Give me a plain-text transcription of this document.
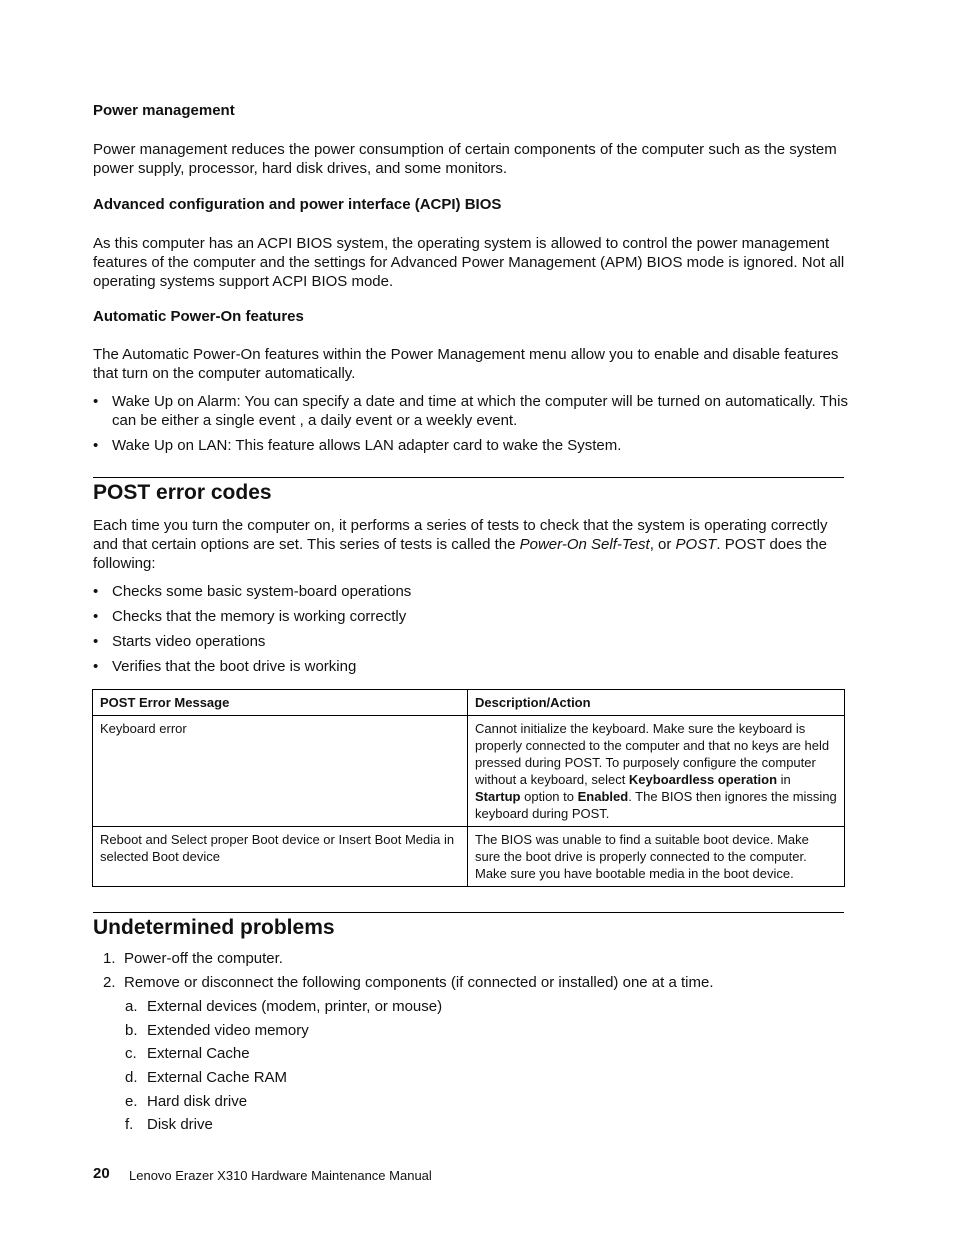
Power management

Power management reduces the power consumption of certain components of the computer such as the system power supply, processor, hard disk drives, and some monitors.

Advanced configuration and power interface (ACPI) BIOS

As this computer has an ACPI BIOS system, the operating system is allowed to control the power management features of the computer and the settings for Advanced Power Management (APM) BIOS mode is ignored. Not all operating systems support ACPI BIOS mode.

Automatic Power-On features

The Automatic Power-On features within the Power Management menu allow you to enable and disable features that turn on the computer automatically.

• Wake Up on Alarm: You can specify a date and time at which the computer will be turned on automatically. This can be either a single event , a daily event or a weekly event.
• Wake Up on LAN: This feature allows LAN adapter card to wake the System.
POST error codes

Each time you turn the computer on, it performs a series of tests to check that the system is operating correctly and that certain options are set. This series of tests is called the Power-On Self-Test, or POST. POST does the following:

• Checks some basic system-board operations
• Checks that the memory is working correctly
• Starts video operations
• Verifies that the boot drive is working
POST Error Message	Description/Action
Keyboard error	Cannot initialize the keyboard. Make sure the keyboard is properly connected to the computer and that no keys are held pressed during POST. To purposely configure the computer without a keyboard, select Keyboardless operation in Startup option to Enabled. The BIOS then ignores the missing keyboard during POST.
Reboot and Select proper Boot device or Insert Boot Media in selected Boot device	The BIOS was unable to find a suitable boot device. Make sure the boot drive is properly connected to the computer. Make sure you have bootable media in the boot device.
Undetermined problems
1. Power-off the computer.
2. Remove or disconnect the following components (if connected or installed) one at a time.
a. External devices (modem, printer, or mouse)
b. Extended video memory
c. External Cache
d. External Cache RAM
e. Hard disk drive
f. Disk drive
20 Lenovo Erazer X310 Hardware Maintenance Manual
